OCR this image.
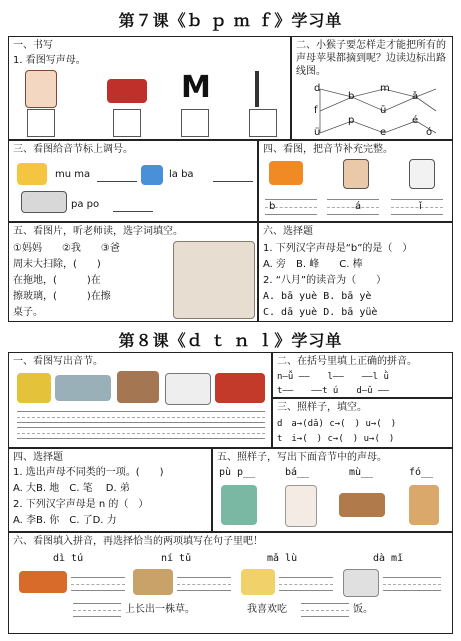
第７课《ｂ ｐ ｍ ｆ》学习单
一、书写
1. 看图写声母。
M
二、小猴子要怎样走才能把所有的声母苹果都摘到呢？边读边标出路线图。
d
f
ü
b
p
m
e
ǎ
é
ó
ū
三、看图给音节标上调号。
mu ma	la ba
pa po
四、看图，把音节补充完整。
b	á	ǐ
五、看图片，听老师读，选字词填空。
①妈妈　　②我　　③爸
周末大扫除，(　　)
在拖地，(　　　)在
擦玻璃，(　　　)在擦
桌子。
六、选择题
1. 下列汉字声母是“b”的是（　）
A. 旁　B. 峰　　C. 棒
2. “八月”的读音为（　　）
A. bā yuè B. bā yè
C. dā yuè D. bā yüè
第８课《ｄ ｔ ｎ ｌ》学习单
一、看图写出音节。	二、在括号里填上正确的拼音。
n—ǚ ——　　l——　　——l ǜ
t——　　——t ú　　d—ǔ ——
三、照样子，填空。
d　a→(dǎ) c→(　) u→(　)
t　i→(　) c→(　) u→(　)
四、选择题
1. 选出声母不同类的一项。(　　)
A. 大B. 地　C. 笔　 D. 弟
2. 下列汉字声母是 n 的（　）
A. 李B. 你　C. 了D. 力
五、照样子，写出下面音节中的声母。
pù p__	bá__	mù__	fó__
六、看图填入拼音，再选择恰当的两项填写在句子里吧！
dì tú	ní tǔ	mǎ lù	dà mǐ
上长出一株草。	我喜欢吃	饭。
